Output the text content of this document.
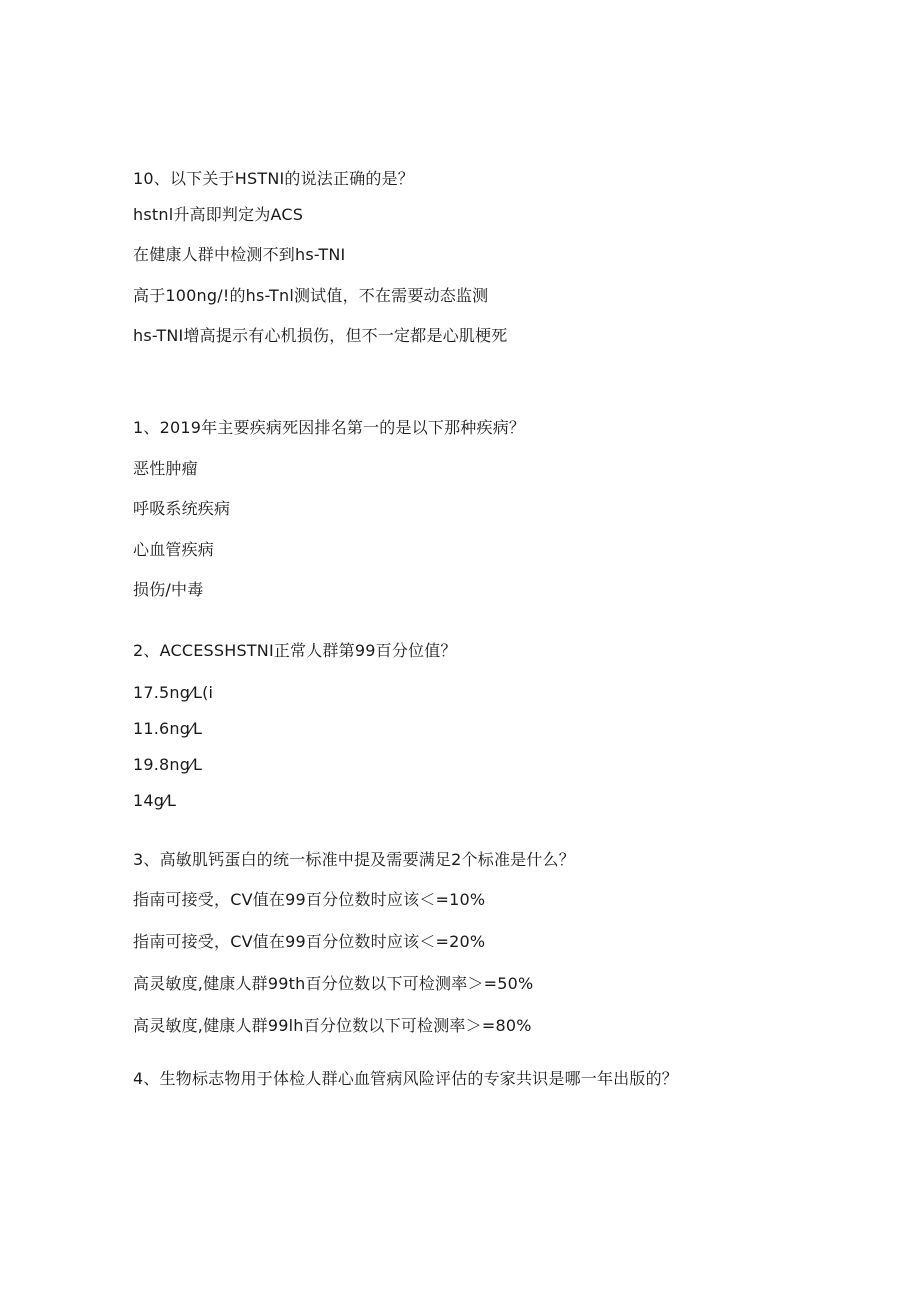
10、以下关于HSTNI的说法正确的是？
hstnl升高即判定为ACS
在健康人群中检测不到hs-TNI
高于100ng/!的hs-Tnl测试值，不在需要动态监测
hs-TNI增高提示有心机损伤，但不一定都是心肌梗死
1、2019年主要疾病死因排名第一的是以下那种疾病？
恶性肿瘤
呼吸系统疾病
心血管疾病
损伤/中毒
2、ACCESSHSTNI正常人群第99百分位值？
17.5ng⁄L(i
11.6ng⁄L
19.8ng⁄L
14g⁄L
3、高敏肌钙蛋白的统一标准中提及需要满足2个标准是什么？
指南可接受，CV值在99百分位数时应该＜=10%
指南可接受，CV值在99百分位数时应该＜=20%
高灵敏度,健康人群99th百分位数以下可检测率＞=50%
高灵敏度,健康人群99lh百分位数以下可检测率＞=80%
4、生物标志物用于体检人群心血管病风险评估的专家共识是哪一年出版的？
